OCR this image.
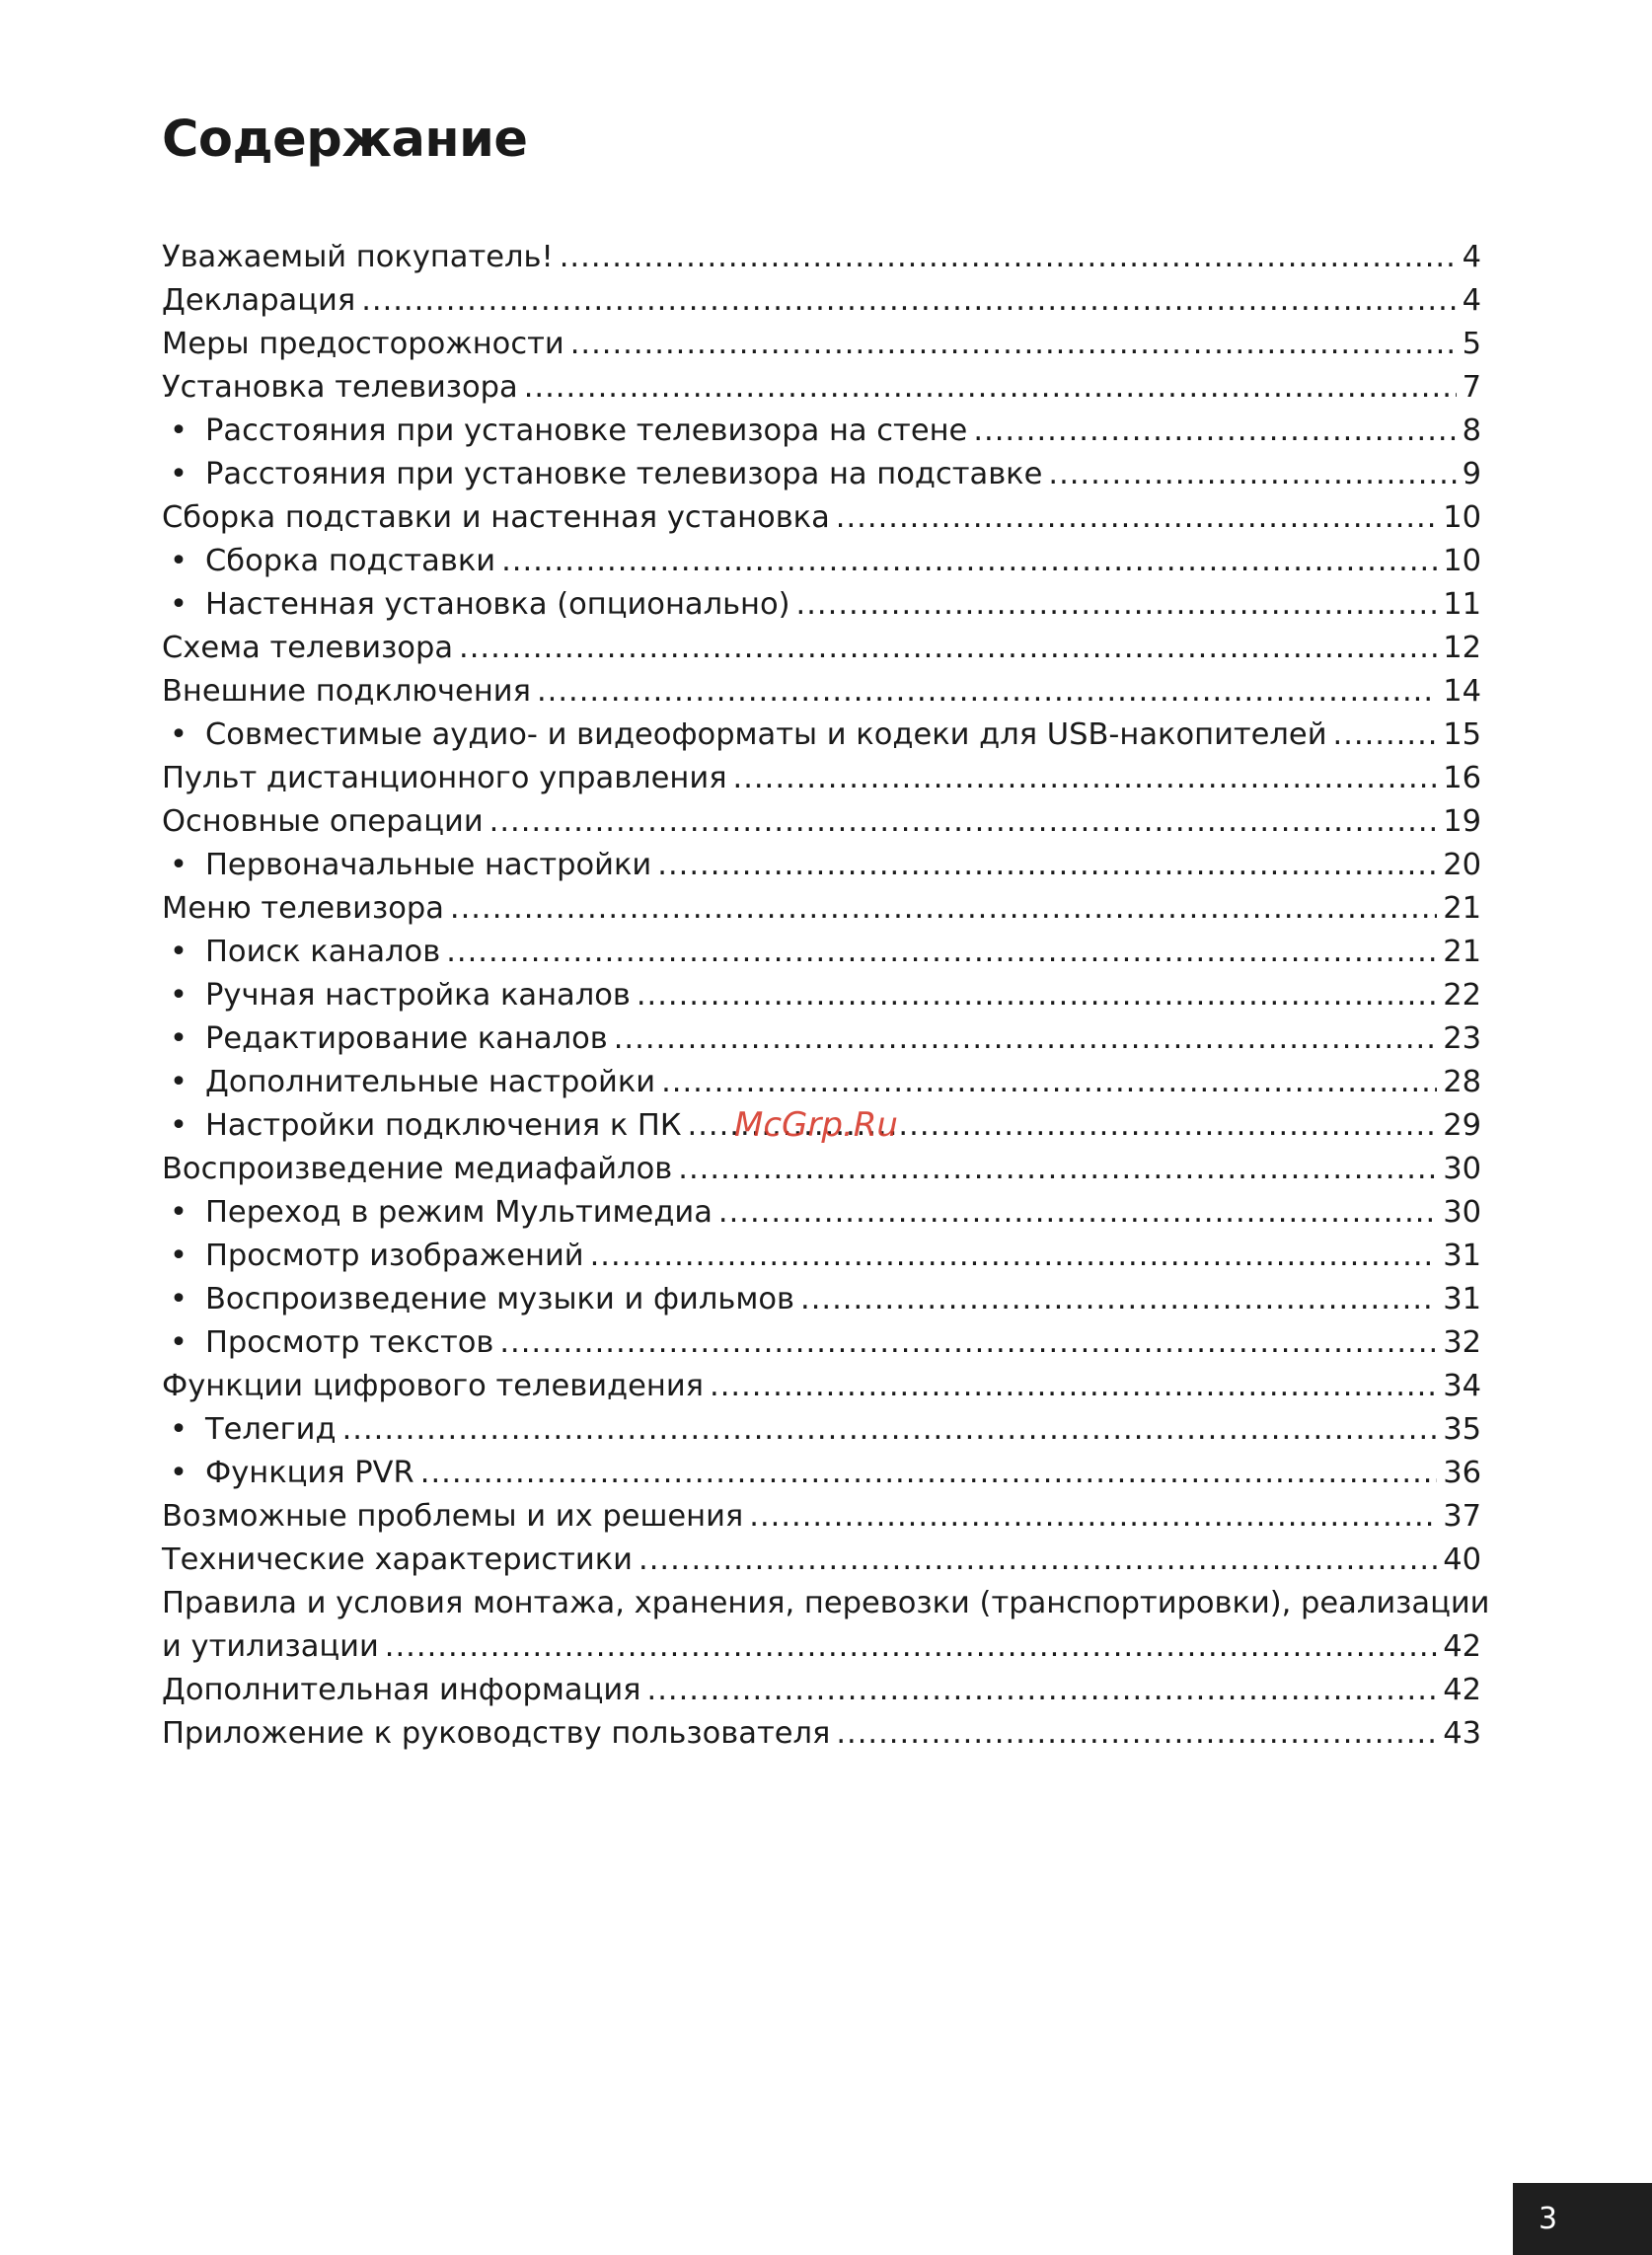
Содержание
Уважаемый покупатель! .....	4
Декларация .....	4
Меры предосторожности .....	5
Установка телевизора .....	7
• Расстояния при установке телевизора на стене .....	8
• Расстояния при установке телевизора на подставке .....	9
Сборка подставки и настенная установка .....	10
• Сборка подставки .....	10
• Настенная установка (опционально) .....	11
Схема телевизора .....	12
Внешние подключения .....	14
• Совместимые аудио- и видеоформаты и кодеки для USB-накопителей .....	15
Пульт дистанционного управления .....	16
Основные операции .....	19
• Первоначальные настройки .....	20
Меню телевизора .....	21
• Поиск каналов .....	21
• Ручная настройка каналов .....	22
• Редактирование каналов .....	23
• Дополнительные настройки .....	28
• Настройки подключения к ПК .....	29
Воспроизведение медиафайлов .....	30
• Переход в режим Мультимедиа .....	30
• Просмотр изображений .....	31
• Воспроизведение музыки и фильмов .....	31
• Просмотр текстов .....	32
Функции цифрового телевидения .....	34
• Телегид .....	35
• Функция PVR .....	36
Возможные проблемы и их решения .....	37
Технические характеристики .....	40
Правила и условия монтажа, хранения, перевозки (транспортировки), реализации
и утилизации .....	42
Дополнительная информация .....	42
Приложение к руководству пользователя .....	43
McGrp.Ru
3
